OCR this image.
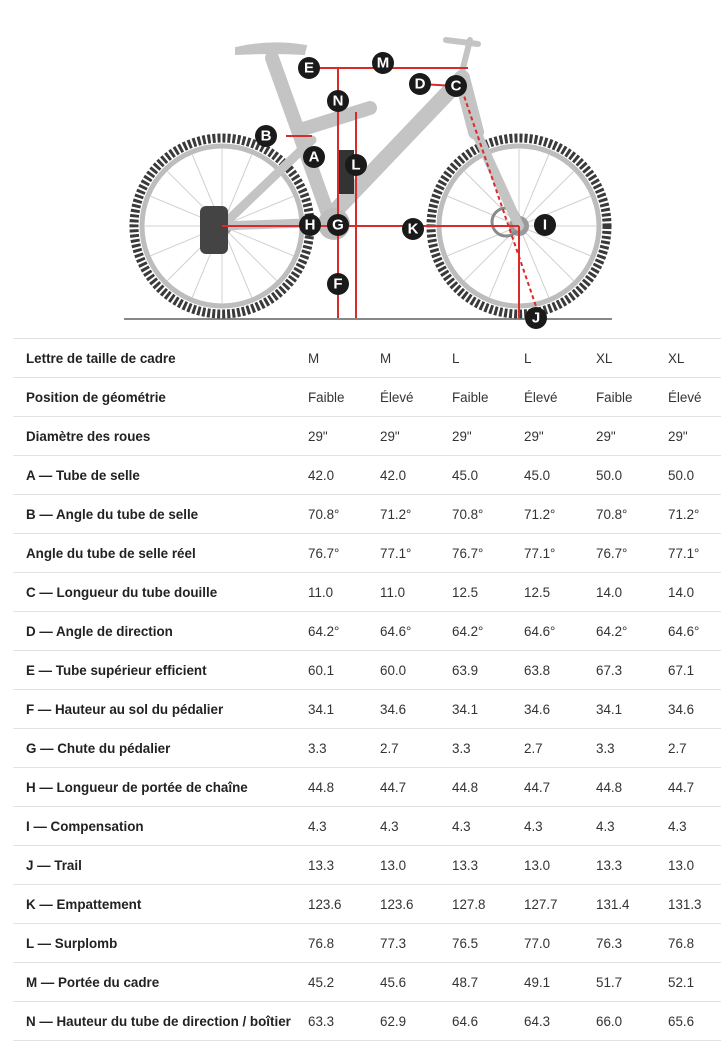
A
B
C
D
E
F
G
H	I
J
K
L
M
N
Lettre de taille de cadre	M	M	L	L	XL	XL
Position de géométrie	Faible	Élevé	Faible	Élevé	Faible	Élevé
Diamètre des roues	29"	29"	29"	29"	29"	29"
A — Tube de selle	42.0	42.0	45.0	45.0	50.0	50.0
B — Angle du tube de selle	70.8°	71.2°	70.8°	71.2°	70.8°	71.2°
Angle du tube de selle réel	76.7°	77.1°	76.7°	77.1°	76.7°	77.1°
C — Longueur du tube douille	11.0	11.0	12.5	12.5	14.0	14.0
D — Angle de direction	64.2°	64.6°	64.2°	64.6°	64.2°	64.6°
E — Tube supérieur efficient	60.1	60.0	63.9	63.8	67.3	67.1
F — Hauteur au sol du pédalier	34.1	34.6	34.1	34.6	34.1	34.6
G — Chute du pédalier	3.3	2.7	3.3	2.7	3.3	2.7
H — Longueur de portée de chaîne	44.8	44.7	44.8	44.7	44.8	44.7
I — Compensation	4.3	4.3	4.3	4.3	4.3	4.3
J — Trail	13.3	13.0	13.3	13.0	13.3	13.0
K — Empattement	123.6	123.6	127.8	127.7	131.4	131.3
L — Surplomb	76.8	77.3	76.5	77.0	76.3	76.8
M — Portée du cadre	45.2	45.6	48.7	49.1	51.7	52.1
N — Hauteur du tube de direction / boîtier	63.3	62.9	64.6	64.3	66.0	65.6
